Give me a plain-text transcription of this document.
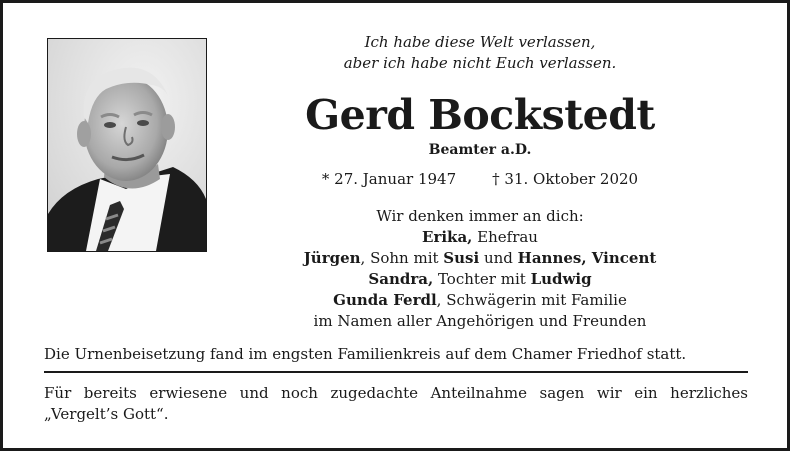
Ich habe diese Welt verlassen,
aber ich habe nicht Euch verlassen.
Gerd Bockstedt
Beamter a.D.
* 27. Januar 1947 † 31. Oktober 2020
Wir denken immer an dich:
Erika, Ehefrau
Jürgen, Sohn mit Susi und Hannes, Vincent
Sandra, Tochter mit Ludwig
Gunda Ferdl, Schwägerin mit Familie
im Namen aller Angehörigen und Freunden
Die Urnenbeisetzung fand im engsten Familienkreis auf dem Chamer Friedhof statt.
Für bereits erwiesene und noch zugedachte Anteilnahme sagen wir ein herzliches „Vergelt’s Gott“.
